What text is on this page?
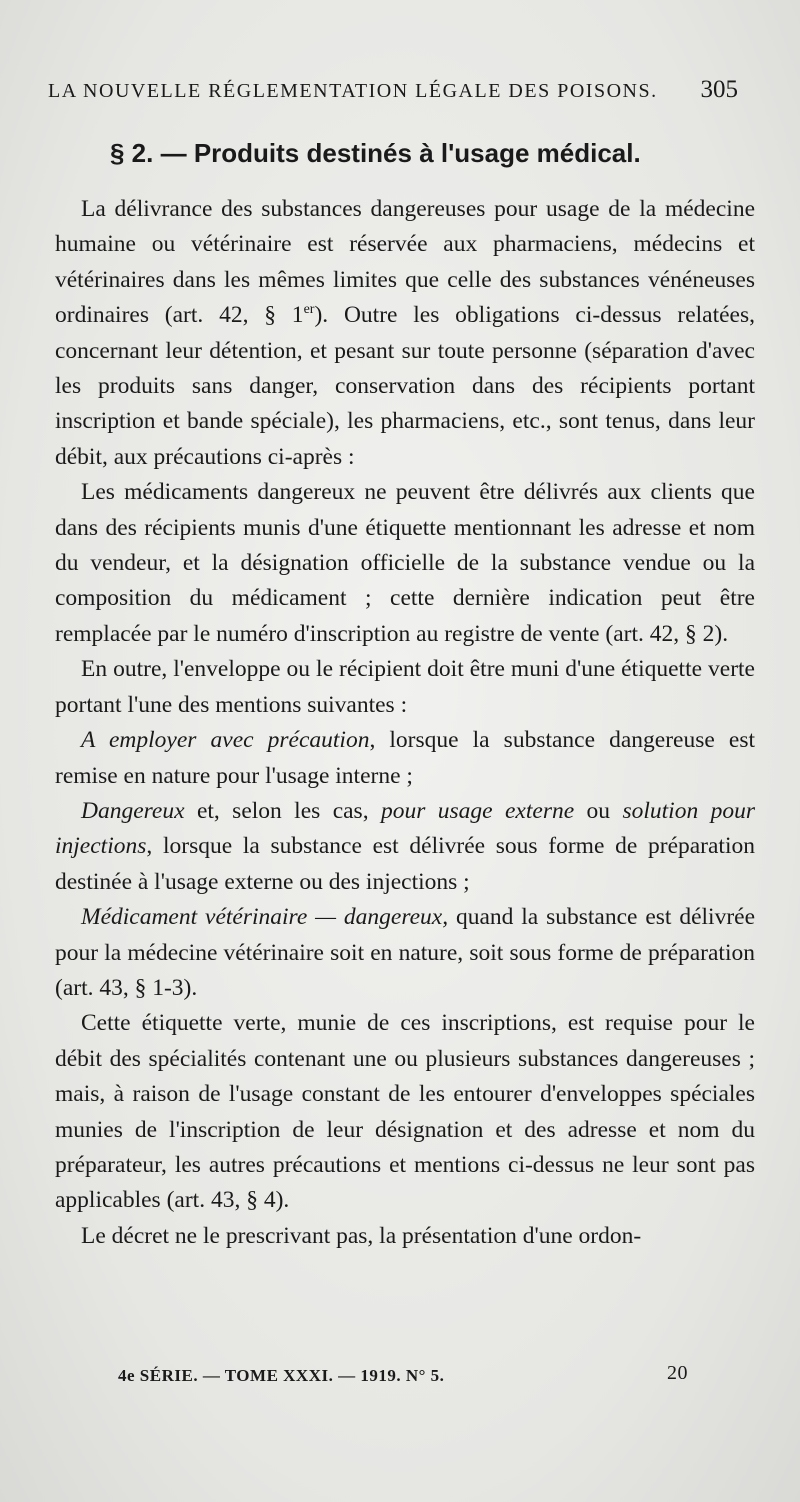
LA NOUVELLE RÉGLEMENTATION LÉGALE DES POISONS. 305
§ 2. — Produits destinés à l'usage médical.

La délivrance des substances dangereuses pour usage de la médecine humaine ou vétérinaire est réservée aux pharmaciens, médecins et vétérinaires dans les mêmes limites que celle des substances vénéneuses ordinaires (art. 42, § 1er). Outre les obligations ci-dessus relatées, concernant leur détention, et pesant sur toute personne (séparation d'avec les produits sans danger, conservation dans des récipients portant inscription et bande spéciale), les pharmaciens, etc., sont tenus, dans leur débit, aux précautions ci-après :

Les médicaments dangereux ne peuvent être délivrés aux clients que dans des récipients munis d'une étiquette mentionnant les adresse et nom du vendeur, et la désignation officielle de la substance vendue ou la composition du médicament ; cette dernière indication peut être remplacée par le numéro d'inscription au registre de vente (art. 42, § 2).

En outre, l'enveloppe ou le récipient doit être muni d'une étiquette verte portant l'une des mentions suivantes :

A employer avec précaution, lorsque la substance dangereuse est remise en nature pour l'usage interne ;

Dangereux et, selon les cas, pour usage externe ou solution pour injections, lorsque la substance est délivrée sous forme de préparation destinée à l'usage externe ou des injections ;

Médicament vétérinaire — dangereux, quand la substance est délivrée pour la médecine vétérinaire soit en nature, soit sous forme de préparation (art. 43, § 1-3).

Cette étiquette verte, munie de ces inscriptions, est requise pour le débit des spécialités contenant une ou plusieurs substances dangereuses ; mais, à raison de l'usage constant de les entourer d'enveloppes spéciales munies de l'inscription de leur désignation et des adresse et nom du préparateur, les autres précautions et mentions ci-dessus ne leur sont pas applicables (art. 43, § 4).

Le décret ne le prescrivant pas, la présentation d'une ordon-

4e SÉRIE. — TOME XXXI. — 1919. N° 5.	20
